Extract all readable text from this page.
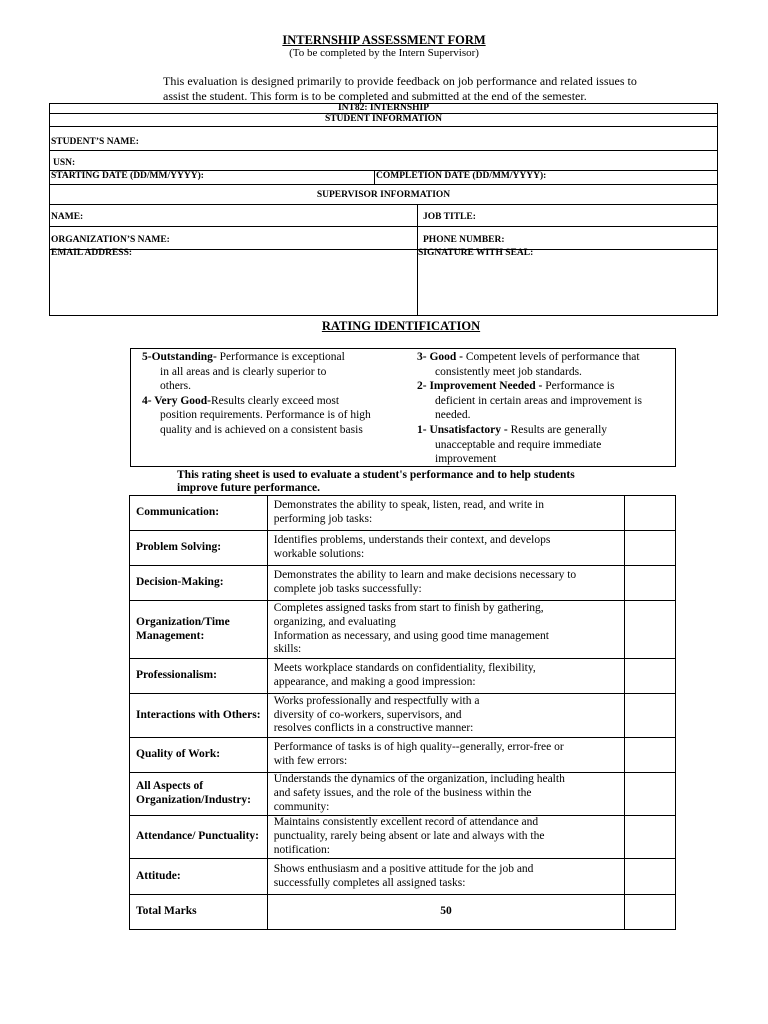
INTERNSHIP ASSESSMENT FORM
(To be completed by the Intern Supervisor)
This evaluation is designed primarily to provide feedback on job performance and related issues to
assist the student. This form is to be completed and submitted at the end of the semester.
INT82: INTERNSHIP
STUDENT INFORMATION
STUDENT’S NAME:
USN:
STARTING DATE (DD/MM/YYYY):	COMPLETION DATE (DD/MM/YYYY):
SUPERVISOR INFORMATION
NAME:	JOB TITLE:
ORGANIZATION’S NAME:	PHONE NUMBER:
EMAIL ADDRESS:	SIGNATURE WITH SEAL:
RATING IDENTIFICATION
5-Outstanding- Performance is exceptional
in all areas and is clearly superior to
others.
4- Very Good-Results clearly exceed most
position requirements. Performance is of high
quality and is achieved on a consistent basis
3- Good - Competent levels of performance that
consistently meet job standards.
2- Improvement Needed - Performance is
deficient in certain areas and improvement is
needed.
1- Unsatisfactory - Results are generally
unacceptable and require immediate
improvement
This rating sheet is used to evaluate a student's performance and to help students
improve future performance.
Communication:	Demonstrates the ability to speak, listen, read, and write in
performing job tasks:	

Problem Solving:	Identifies problems, understands their context, and develops
workable solutions:	

Decision-Making:	Demonstrates the ability to learn and make decisions necessary to
complete job tasks successfully:	

Organization/Time Management:	Completes assigned tasks from start to finish by gathering,
organizing, and evaluating
Information as necessary, and using good time management
skills:	

Professionalism:	Meets workplace standards on confidentiality, flexibility,
appearance, and making a good impression:	

Interactions with Others:	Works professionally and respectfully with a
diversity of co-workers, supervisors, and
resolves conflicts in a constructive manner:	

Quality of Work:	Performance of tasks is of high quality--generally, error-free or
with few errors:	

All Aspects of Organization/Industry:	Understands the dynamics of the organization, including health
and safety issues, and the role of the business within the
community:	

Attendance/ Punctuality:	Maintains consistently excellent record of attendance and
punctuality, rarely being absent or late and always with the
notification:	

Attitude:	Shows enthusiasm and a positive attitude for the job and
successfully completes all assigned tasks:	

Total Marks	50	
